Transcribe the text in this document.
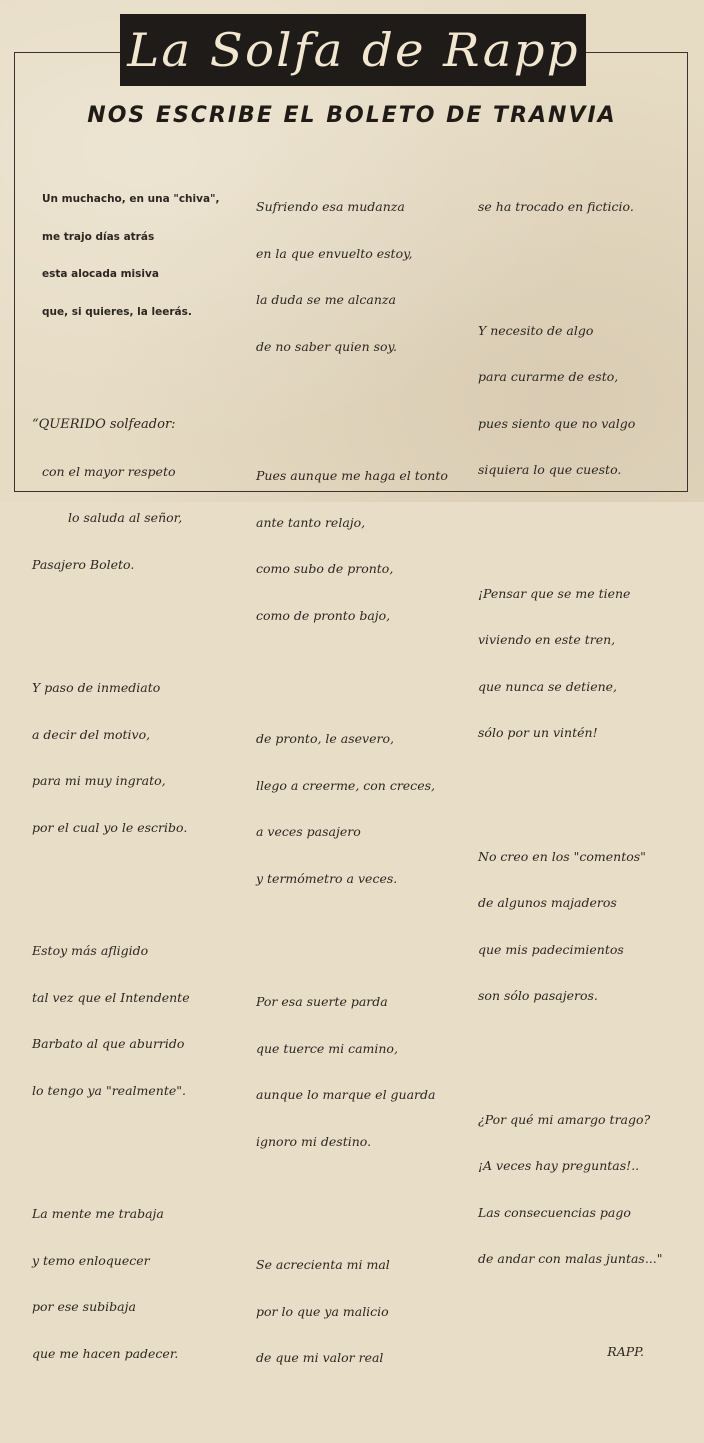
La Solfa de Rapp
NOS ESCRIBE EL BOLETO DE TRANVIA

Un muchacho, en una "chiva",

me trajo días atrás

esta alocada misiva

que, si quieres, la leerás.

“QUERIDO solfeador:

con el mayor respeto

lo saluda al señor,

Pasajero Boleto.

Y paso de inmediato

a decir del motivo,

para mi muy ingrato,

por el cual yo le escribo.

Estoy más afligido

tal vez que el Intendente

Barbato al que aburrido

lo tengo ya "realmente".

La mente me trabaja

y temo enloquecer

por ese subibaja

que me hacen padecer.

Sufriendo esa mudanza

en la que envuelto estoy,

la duda se me alcanza

de no saber quien soy.

Pues aunque me haga el tonto

ante tanto relajo,

como subo de pronto,

como de pronto bajo,

de pronto, le asevero,

llego a creerme, con creces,

a veces pasajero

y termómetro a veces.

Por esa suerte parda

que tuerce mi camino,

aunque lo marque el guarda

ignoro mi destino.

Se acrecienta mi mal

por lo que ya malicio

de que mi valor real

se ha trocado en ficticio.

Y necesito de algo

para curarme de esto,

pues siento que no valgo

siquiera lo que cuesto.

¡Pensar que se me tiene

viviendo en este tren,

que nunca se detiene,

sólo por un vintén!

No creo en los "comentos"

de algunos majaderos

que mis padecimientos

son sólo pasajeros.

¿Por qué mi amargo trago?

¡A veces hay preguntas!..

Las consecuencias pago

de andar con malas juntas..."

RAPP.
